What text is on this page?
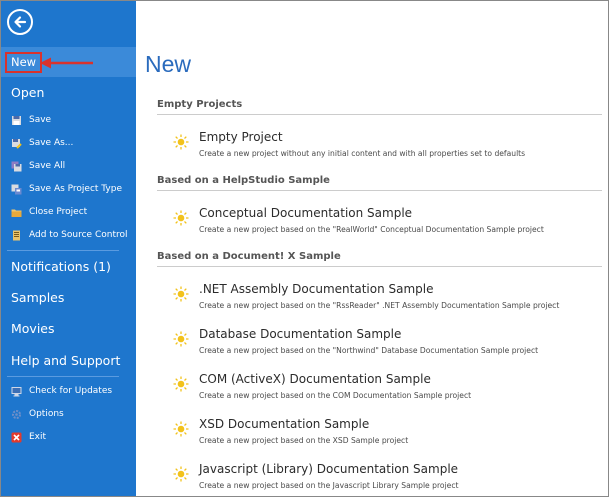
New
Open
Save
Save As...
Save All
Save As Project Type
Close Project
Add to Source Control
Notifications (1)
Samples
Movies
Help and Support
Check for Updates
Options
Exit
New
Empty Projects
Empty Project
Create a new project without any initial content and with all properties set to defaults
Based on a HelpStudio Sample
Conceptual Documentation Sample
Create a new project based on the "RealWorld" Conceptual Documentation Sample project
Based on a Document! X Sample
.NET Assembly Documentation Sample
Create a new project based on the "RssReader" .NET Assembly Documentation Sample project
Database Documentation Sample
Create a new project based on the "Northwind" Database Documentation Sample project
COM (ActiveX) Documentation Sample
Create a new project based on the COM Documentation Sample project
XSD Documentation Sample
Create a new project based on the XSD Sample project
Javascript (Library) Documentation Sample
Create a new project based on the Javascript Library Sample project
